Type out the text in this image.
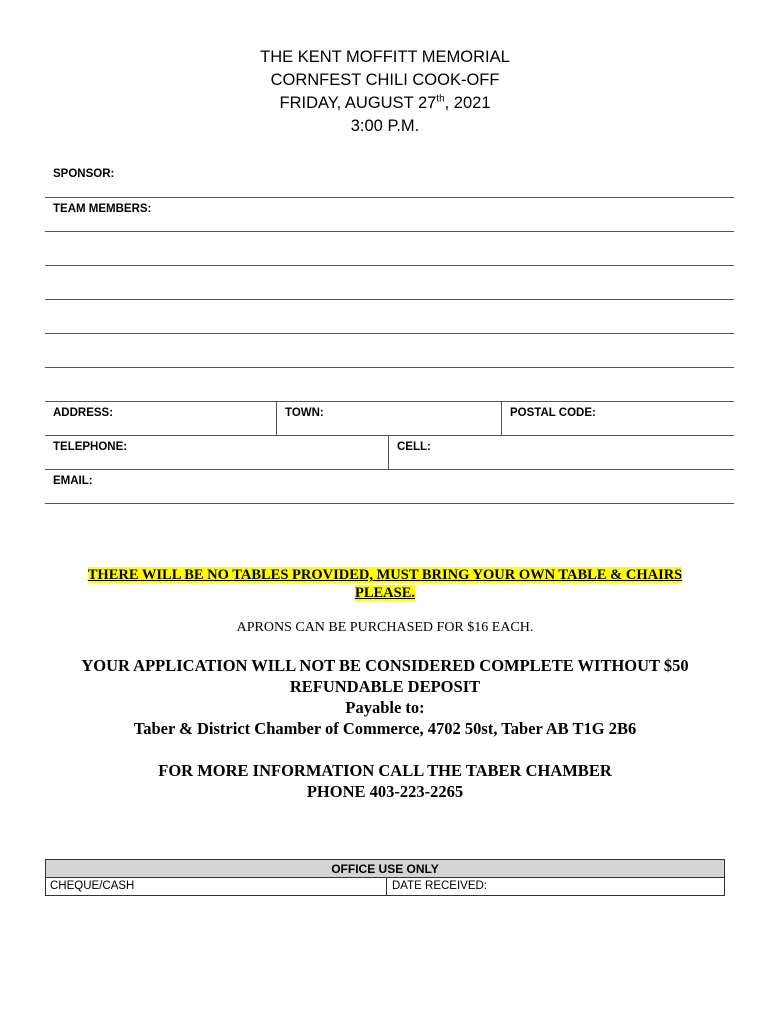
THE KENT MOFFITT MEMORIAL
CORNFEST CHILI COOK-OFF
FRIDAY, AUGUST 27th, 2021
3:00 P.M.
SPONSOR:
TEAM MEMBERS:
ADDRESS:	TOWN:	POSTAL CODE:
TELEPHONE:	CELL:
EMAIL:
THERE WILL BE NO TABLES PROVIDED, MUST BRING YOUR OWN TABLE & CHAIRS PLEASE.
APRONS CAN BE PURCHASED FOR $16 EACH.
YOUR APPLICATION WILL NOT BE CONSIDERED COMPLETE WITHOUT $50
REFUNDABLE DEPOSIT
Payable to:
Taber & District Chamber of Commerce, 4702 50st, Taber AB T1G 2B6
FOR MORE INFORMATION CALL THE TABER CHAMBER
PHONE 403-223-2265
OFFICE USE ONLY
CHEQUE/CASH	DATE RECEIVED:
